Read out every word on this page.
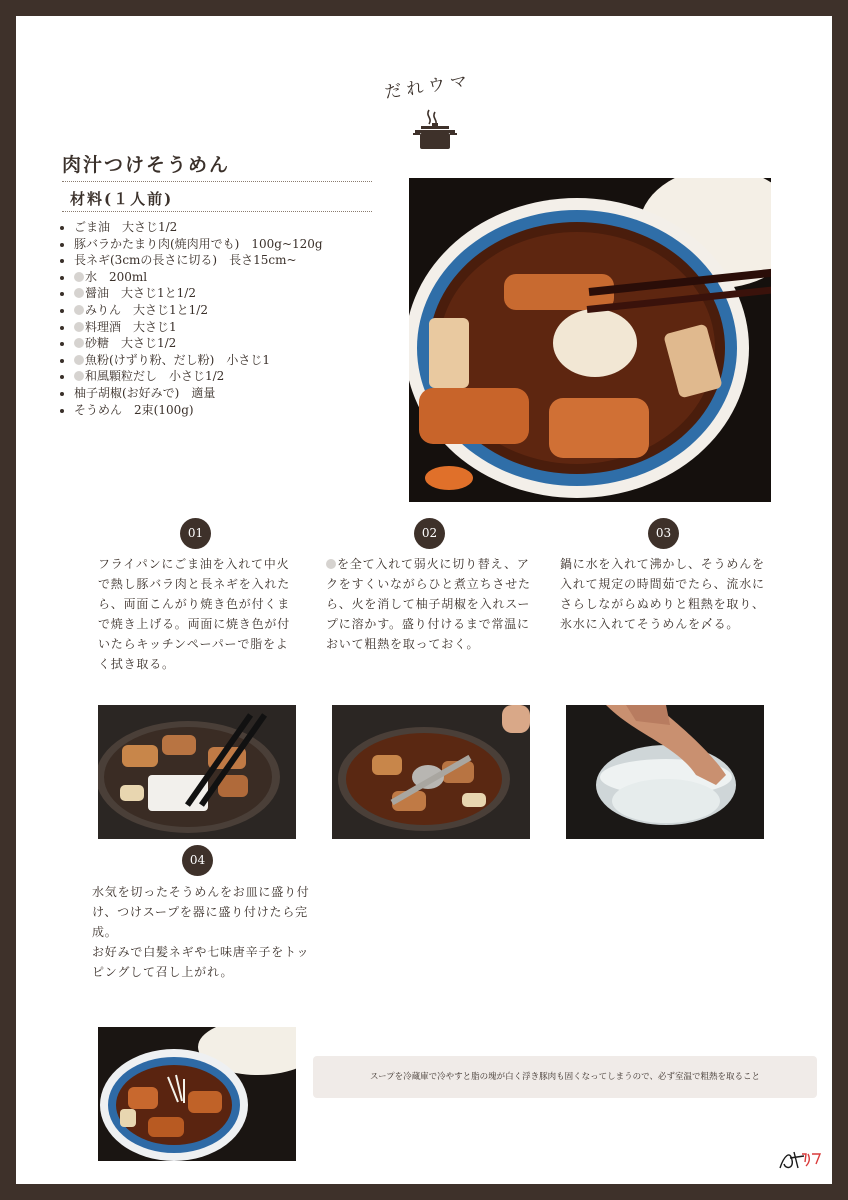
だれウマ
肉汁つけそうめん
材料(１人前)
• ごま油　大さじ1/2
• 豚バラかたまり肉(焼肉用でも)　100g~120g
• 長ネギ(3cmの長さに切る)　長さ15cm~
• 水　200ml
• 醤油　大さじ1と1/2
• みりん　大さじ1と1/2
• 料理酒　大さじ1
• 砂糖　大さじ1/2
• 魚粉(けずり粉、だし粉)　小さじ1
• 和風顆粒だし　小さじ1/2
• 柚子胡椒(お好みで)　適量
• そうめん　2束(100g)
01	02	03
フライパンにごま油を入れて中火
で熱し豚バラ肉と長ネギを入れた
ら、両面こんがり焼き色が付くま
で焼き上げる。両面に焼き色が付
いたらキッチンペーパーで脂をよ
く拭き取る。
を全て入れて弱火に切り替え、ア
クをすくいながらひと煮立ちさせた
ら、火を消して柚子胡椒を入れスー
プに溶かす。盛り付けるまで常温に
おいて粗熱を取っておく。
鍋に水を入れて沸かし、そうめんを
入れて規定の時間茹でたら、流水に
さらしながらぬめりと粗熱を取り、
氷水に入れてそうめんを〆る。
04
水気を切ったそうめんをお皿に盛り付
け、つけスープを器に盛り付けたら完
成。
お好みで白髪ネギや七味唐辛子をトッ
ピングして召し上がれ。
スープを冷蔵庫で冷やすと脂の塊が白く浮き豚肉も固くなってしまうので、必ず室温で粗熱を取ること
